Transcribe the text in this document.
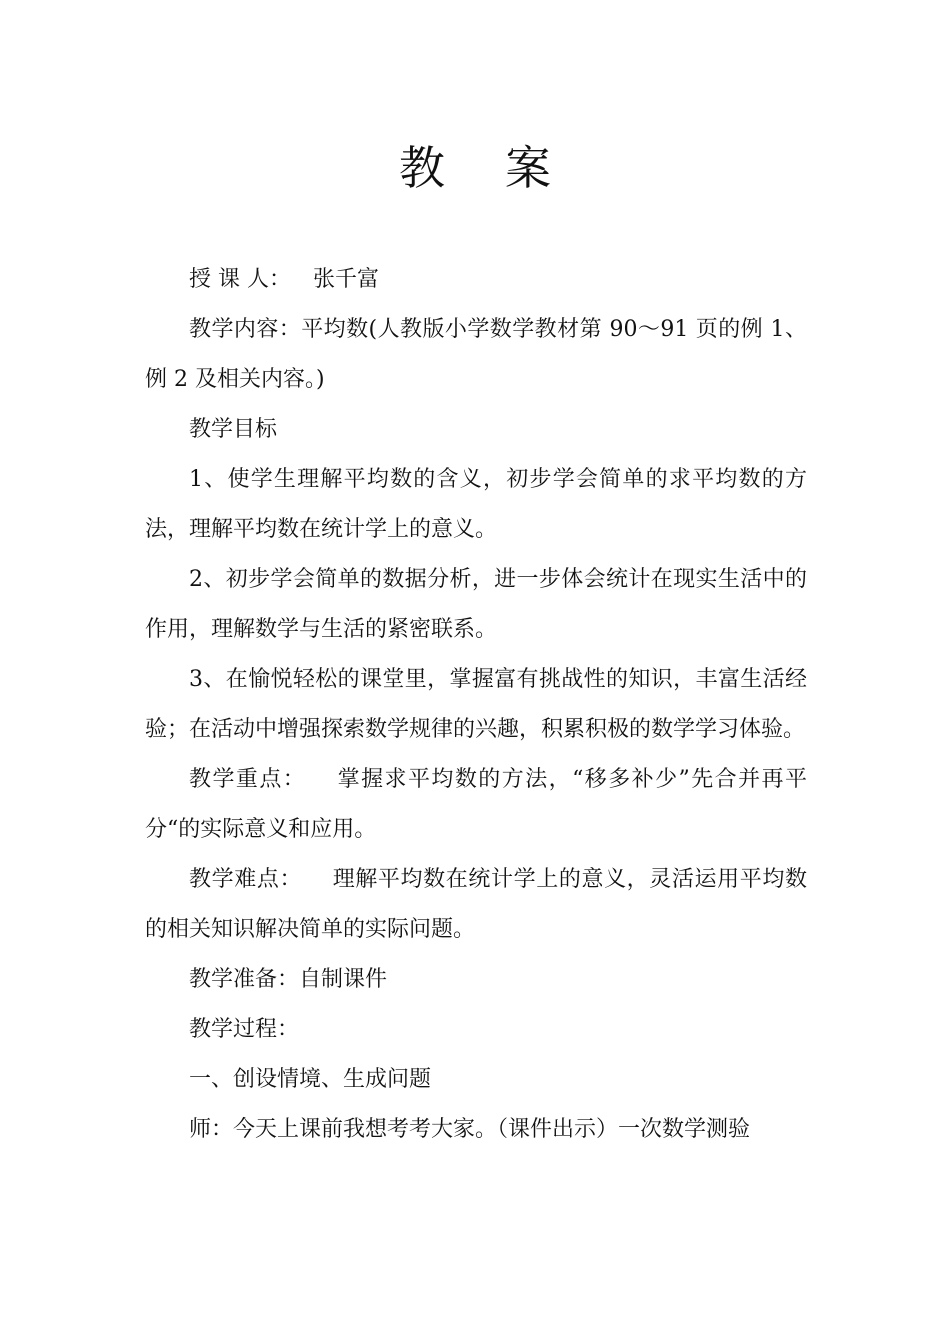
教案

授 课 人： 张千富

教学内容：平均数(人教版小学数学教材第 90～91 页的例 1、例 2 及相关内容。)

教学目标

1、使学生理解平均数的含义，初步学会简单的求平均数的方法，理解平均数在统计学上的意义。

2、初步学会简单的数据分析，进一步体会统计在现实生活中的作用，理解数学与生活的紧密联系。

3、在愉悦轻松的课堂里，掌握富有挑战性的知识，丰富生活经验；在活动中增强探索数学规律的兴趣，积累积极的数学学习体验。

教学重点： 掌握求平均数的方法，“移多补少”先合并再平分“的实际意义和应用。

教学难点： 理解平均数在统计学上的意义，灵活运用平均数的相关知识解决简单的实际问题。

教学准备：自制课件

教学过程：

一、创设情境、生成问题

师：今天上课前我想考考大家。（课件出示）一次数学测验
